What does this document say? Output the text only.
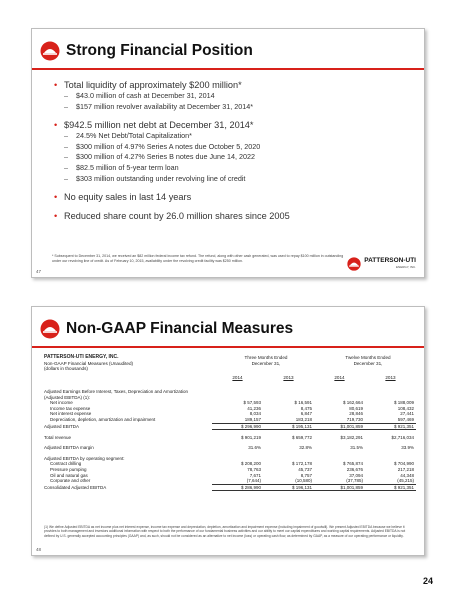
Strong Financial Position
• Total liquidity of approximately $200 million*
– $43.0 million of cash at December 31, 2014
– $157 million revolver availability at December 31, 2014*
• $942.5 million net debt at December 31, 2014*
– 24.5% Net Debt/Total Capitalization*
– $300 million of 4.97% Series A notes due October 5, 2020
– $300 million of 4.27% Series B notes due June 14, 2022
– $82.5 million of 5-year term loan
– $303 million outstanding under revolving line of credit
• No equity sales in last 14 years
• Reduced share count by 26.0 million shares since 2005
* Subsequent to December 31, 2014, we received an $82 million federal income tax refund. The refund, along with other cash generated, was used to repay $100 million in outstanding under our revolving line of credit. As of February 10, 2015, availability under the revolving credit facility was $250 million.
47
PATTERSON-UTI
ENERGY, INC.
Non-GAAP Financial Measures
PATTERSON-UTI ENERGY, INC.
Non-GAAP Financial Measures (Unaudited)
(dollars in thousands)
Three Months Ended
December 31,
Twelve Months Ended
December 31,
2014	2013	2014	2013
Adjusted Earnings Before Interest, Taxes, Depreciation and Amortization				
(Adjusted EBITDA) (1):				
Net income	$ 57,593	$ 16,591	$ 162,664	$ 188,009
Income tax expense	41,236	8,475	80,619	108,432
Net interest expense	8,034	6,847	28,846	27,441
Depreciation, depletion, amortization and impairment	189,157	183,218	719,730	597,469
Adjusted EBITDA	$ 296,990	$ 195,131	$1,001,859	$ 921,351

Total revenue	$ 901,219	$ 659,772	$3,182,291	$2,716,034

Adjusted EBITDA margin	31.6%	32.8%	31.5%	33.9%

Adjusted EBITDA by operating segment:				
Contract drilling	$ 208,200	$ 172,178	$ 765,874	$ 704,990
Pressure pumping	78,763	45,737	236,676	217,218
Oil and natural gas	7,671	8,757	37,094	44,348
Corporate and other	(7,644)	(10,580)	(37,785)	(45,215)
Consolidated Adjusted EBITDA	$ 286,990	$ 196,131	$1,001,859	$ 921,351
(1) We define Adjusted EBITDA as net income plus net interest expense, income tax expense and depreciation, depletion, amortization and impairment expense (including impairment of goodwill). We present Adjusted EBITDA because we believe it provides to both management and investors additional information with respect to both the performance of our fundamental business activities and our ability to meet our capital expenditures and working capital requirements. Adjusted EBITDA is not defined by U.S. generally accepted accounting principles (GAAP) and, as such, should not be considered as an alternative to net income (loss) or operating cash flow, as determined by GAAP, as a measure of our operating performance or liquidity.
48
24
